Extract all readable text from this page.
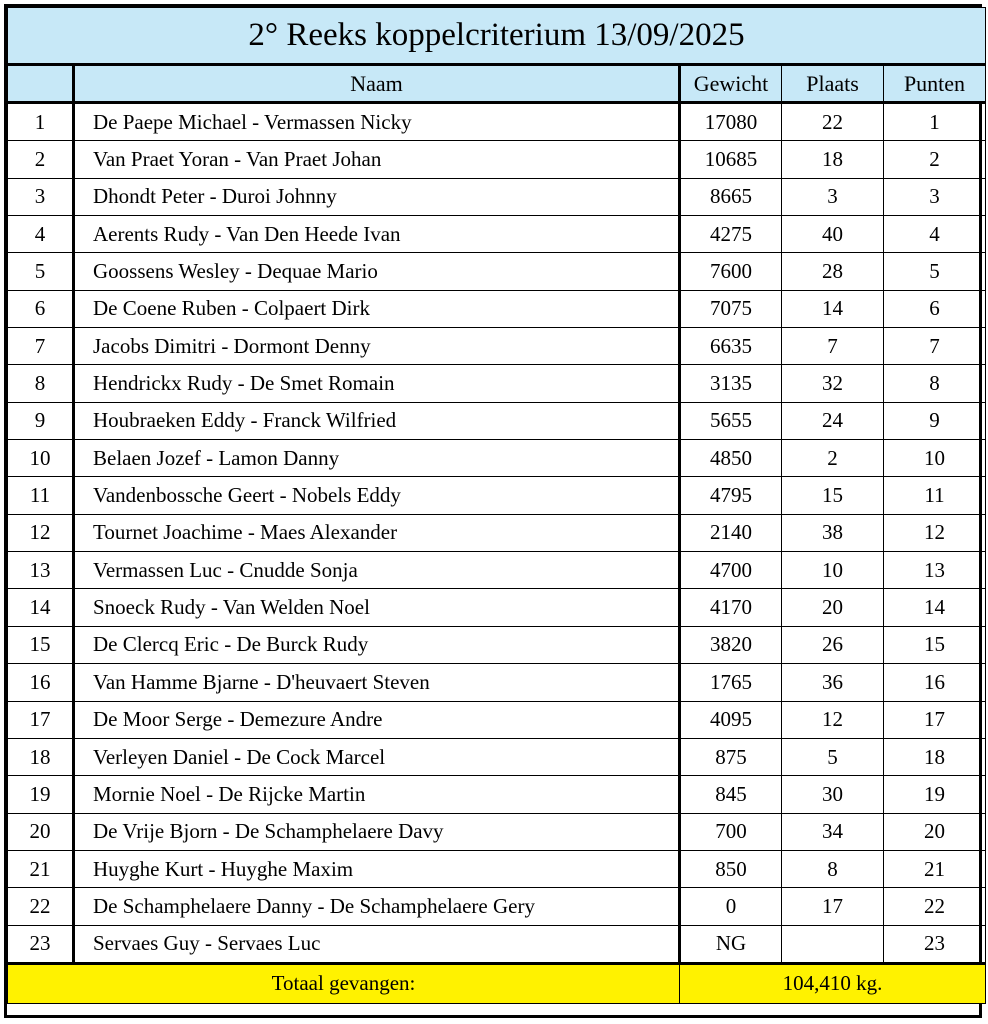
2° Reeks koppelcriterium 13/09/2025				
	Naam	Gewicht	Plaats	Punten
1	De Paepe Michael - Vermassen Nicky	17080	22	1
2	Van Praet Yoran - Van Praet Johan	10685	18	2
3	Dhondt Peter - Duroi Johnny	8665	3	3
4	Aerents Rudy - Van Den Heede Ivan	4275	40	4
5	Goossens Wesley - Dequae Mario	7600	28	5
6	De Coene Ruben - Colpaert Dirk	7075	14	6
7	Jacobs Dimitri - Dormont Denny	6635	7	7
8	Hendrickx Rudy - De Smet Romain	3135	32	8
9	Houbraeken Eddy - Franck Wilfried	5655	24	9
10	Belaen Jozef - Lamon Danny	4850	2	10
11	Vandenbossche Geert - Nobels Eddy	4795	15	11
12	Tournet Joachime - Maes Alexander	2140	38	12
13	Vermassen Luc - Cnudde Sonja	4700	10	13
14	Snoeck Rudy - Van Welden Noel	4170	20	14
15	De Clercq Eric - De Burck Rudy	3820	26	15
16	Van Hamme Bjarne - D'heuvaert Steven	1765	36	16
17	De Moor Serge - Demezure Andre	4095	12	17
18	Verleyen Daniel - De Cock Marcel	875	5	18
19	Mornie Noel - De Rijcke Martin	845	30	19
20	De Vrije Bjorn - De Schamphelaere Davy	700	34	20
21	Huyghe Kurt - Huyghe Maxim	850	8	21
22	De Schamphelaere Danny - De Schamphelaere Gery	0	17	22
23	Servaes Guy - Servaes Luc	NG		23
Totaal gevangen:		104,410 kg.		
